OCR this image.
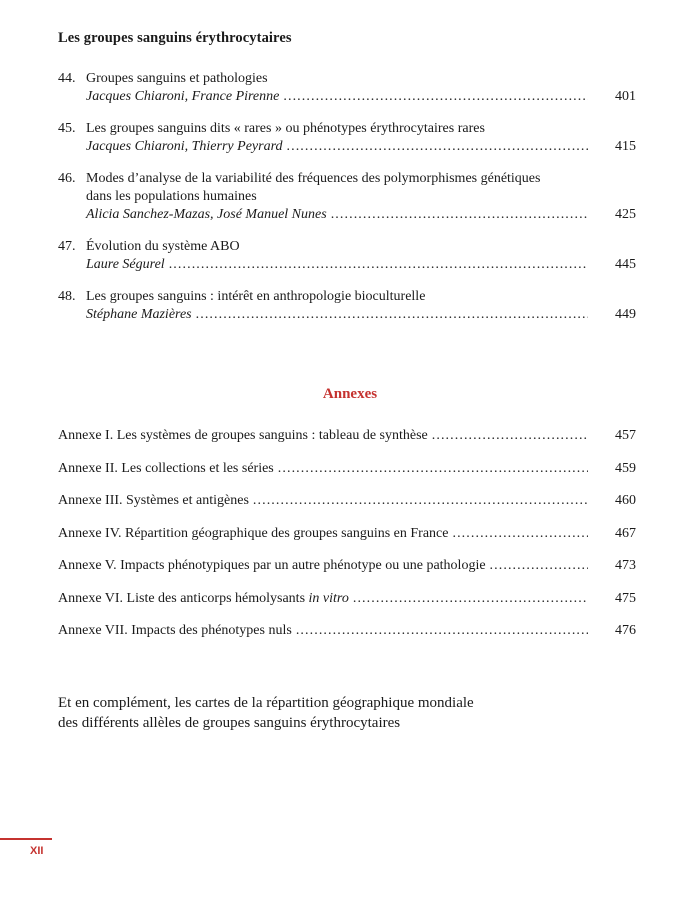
Les groupes sanguins érythrocytaires
44. Groupes sanguins et pathologies
Jacques Chiaroni, France Pirenne . . .	401
45. Les groupes sanguins dits « rares » ou phénotypes érythrocytaires rares
Jacques Chiaroni, Thierry Peyrard . . .	415
46. Modes d’analyse de la variabilité des fréquences des polymorphismes génétiques
dans les populations humaines
Alicia Sanchez-Mazas, José Manuel Nunes . . .	425
47. Évolution du système ABO
Laure Ségurel . . .	445
48. Les groupes sanguins : intérêt en anthropologie bioculturelle
Stéphane Mazières . . .	449
Annexes
Annexe I. Les systèmes de groupes sanguins : tableau de synthèse . . .	457
Annexe II. Les collections et les séries . . .	459
Annexe III. Systèmes et antigènes . . .	460
Annexe IV. Répartition géographique des groupes sanguins en France . . .	467
Annexe V. Impacts phénotypiques par un autre phénotype ou une pathologie . . .	473
Annexe VI. Liste des anticorps hémolysants in vitro . . .	475
Annexe VII. Impacts des phénotypes nuls . . .	476
Et en complément, les cartes de la répartition géographique mondiale
des différents allèles de groupes sanguins érythrocytaires
XII
